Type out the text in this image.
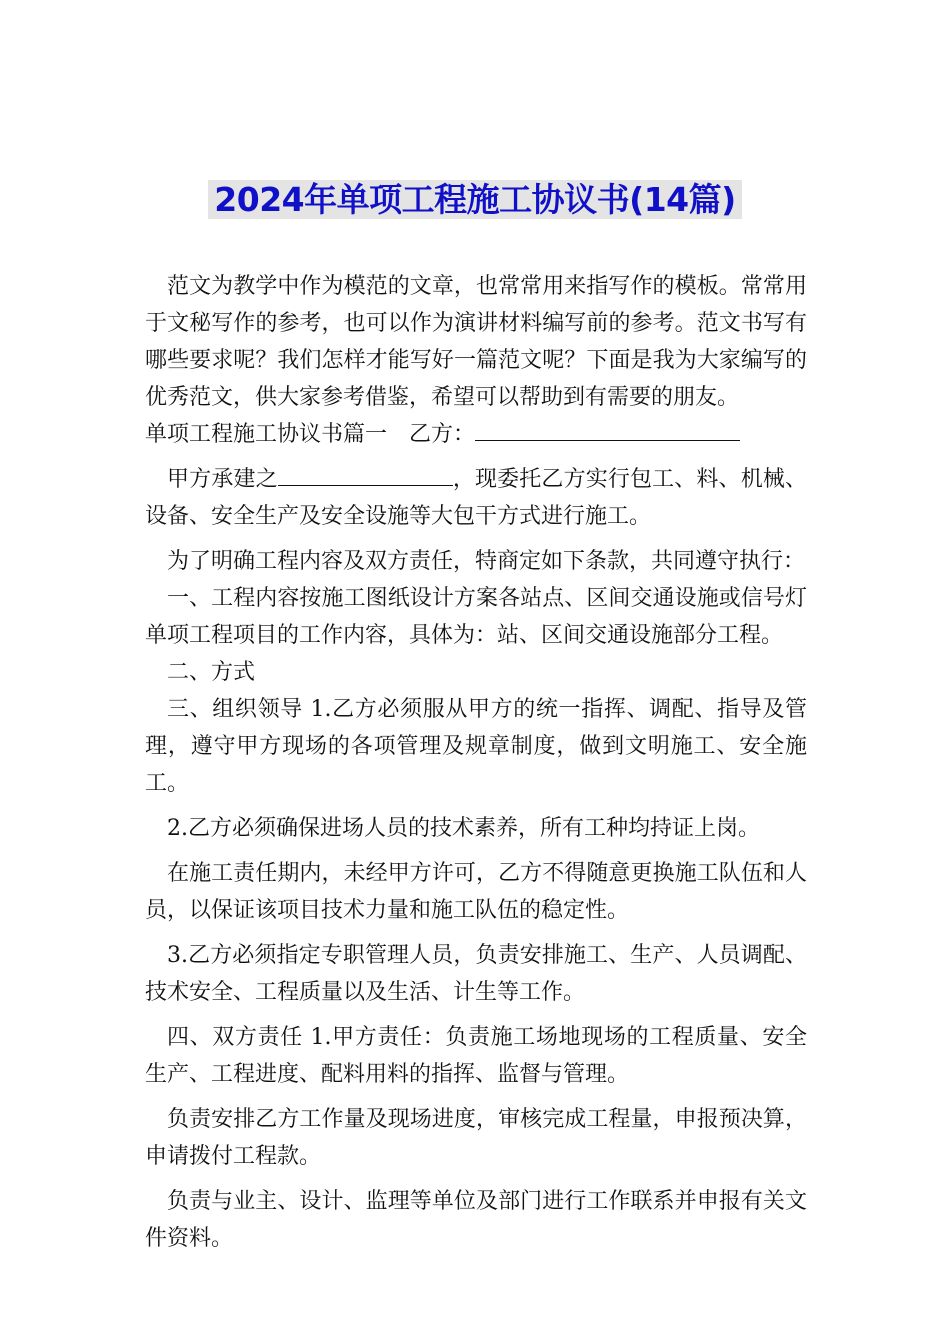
2024年单项工程施工协议书(14篇)

范文为教学中作为模范的文章，也常常用来指写作的模板。常常用于文秘写作的参考，也可以作为演讲材料编写前的参考。范文书写有哪些要求呢？我们怎样才能写好一篇范文呢？下面是我为大家编写的优秀范文，供大家参考借鉴，希望可以帮助到有需要的朋友。

单项工程施工协议书篇一　乙方：

甲方承建之	，现委托乙方实行包工、料、机械、设备、安全生产及安全设施等大包干方式进行施工。

为了明确工程内容及双方责任，特商定如下条款，共同遵守执行：

一、工程内容按施工图纸设计方案各站点、区间交通设施或信号灯单项工程项目的工作内容，具体为：站、区间交通设施部分工程。

二、方式

三、组织领导 1.乙方必须服从甲方的统一指挥、调配、指导及管理，遵守甲方现场的各项管理及规章制度，做到文明施工、安全施工。

2.乙方必须确保进场人员的技术素养，所有工种均持证上岗。

在施工责任期内，未经甲方许可，乙方不得随意更换施工队伍和人员，以保证该项目技术力量和施工队伍的稳定性。

3.乙方必须指定专职管理人员，负责安排施工、生产、人员调配、技术安全、工程质量以及生活、计生等工作。

四、双方责任 1.甲方责任：负责施工场地现场的工程质量、安全生产、工程进度、配料用料的指挥、监督与管理。

负责安排乙方工作量及现场进度，审核完成工程量，申报预决算，申请拨付工程款。

负责与业主、设计、监理等单位及部门进行工作联系并申报有关文件资料。
